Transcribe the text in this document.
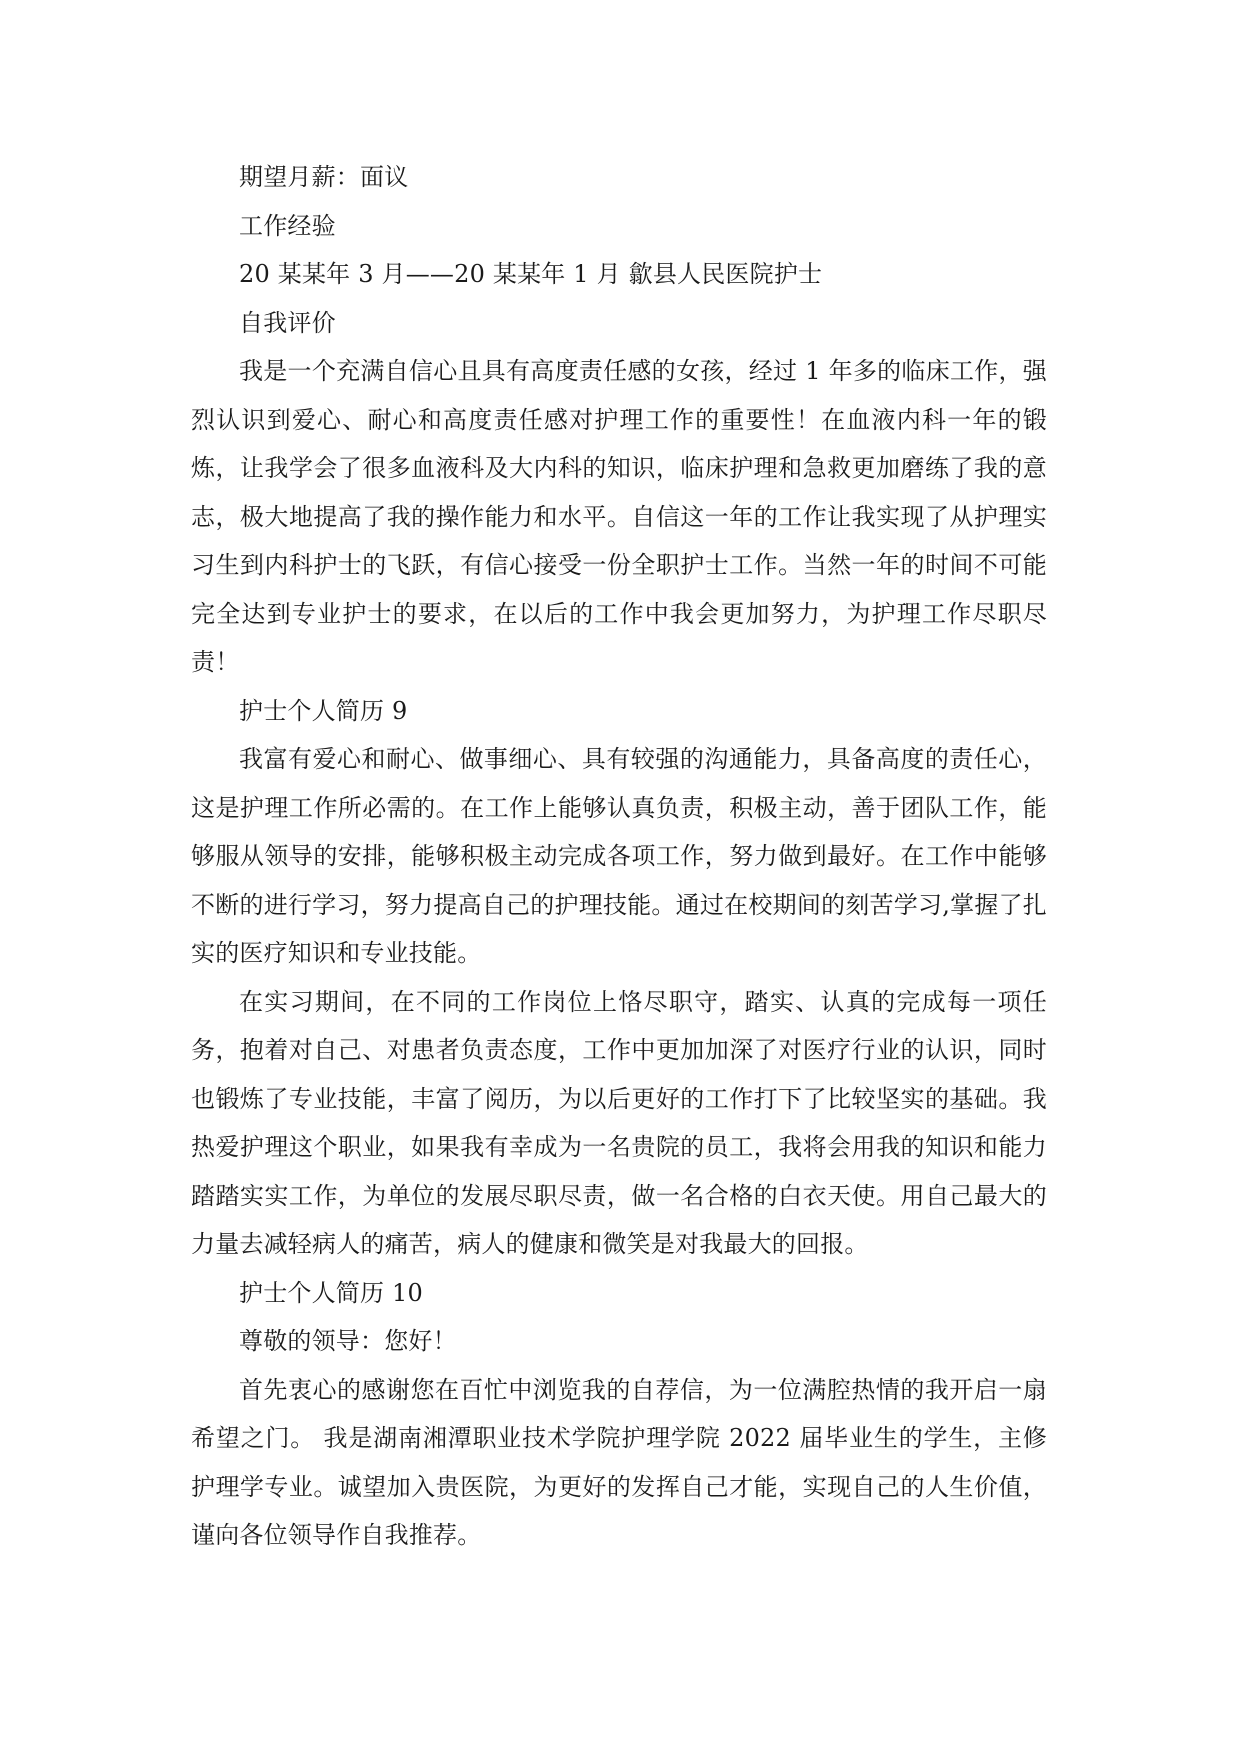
期望月薪：面议
工作经验
20 某某年 3 月——20 某某年 1 月 歙县人民医院护士
自我评价

我是一个充满自信心且具有高度责任感的女孩，经过 1 年多的临床工作，强烈认识到爱心、耐心和高度责任感对护理工作的重要性！在血液内科一年的锻炼，让我学会了很多血液科及大内科的知识，临床护理和急救更加磨练了我的意志，极大地提高了我的操作能力和水平。自信这一年的工作让我实现了从护理实习生到内科护士的飞跃，有信心接受一份全职护士工作。当然一年的时间不可能完全达到专业护士的要求，在以后的工作中我会更加努力，为护理工作尽职尽责！

护士个人简历 9

我富有爱心和耐心、做事细心、具有较强的沟通能力，具备高度的责任心，这是护理工作所必需的。在工作上能够认真负责，积极主动，善于团队工作，能够服从领导的安排，能够积极主动完成各项工作，努力做到最好。在工作中能够不断的进行学习，努力提高自己的护理技能。通过在校期间的刻苦学习,掌握了扎实的医疗知识和专业技能。

在实习期间，在不同的工作岗位上恪尽职守，踏实、认真的完成每一项任务，抱着对自己、对患者负责态度，工作中更加加深了对医疗行业的认识，同时也锻炼了专业技能，丰富了阅历，为以后更好的工作打下了比较坚实的基础。我热爱护理这个职业，如果我有幸成为一名贵院的员工，我将会用我的知识和能力踏踏实实工作，为单位的发展尽职尽责，做一名合格的白衣天使。用自己最大的力量去减轻病人的痛苦，病人的健康和微笑是对我最大的回报。

护士个人简历 10
尊敬的领导：您好！

首先衷心的感谢您在百忙中浏览我的自荐信，为一位满腔热情的我开启一扇希望之门。 我是湖南湘潭职业技术学院护理学院 2022 届毕业生的学生，主修护理学专业。诚望加入贵医院，为更好的发挥自己才能，实现自己的人生价值，谨向各位领导作自我推荐。
